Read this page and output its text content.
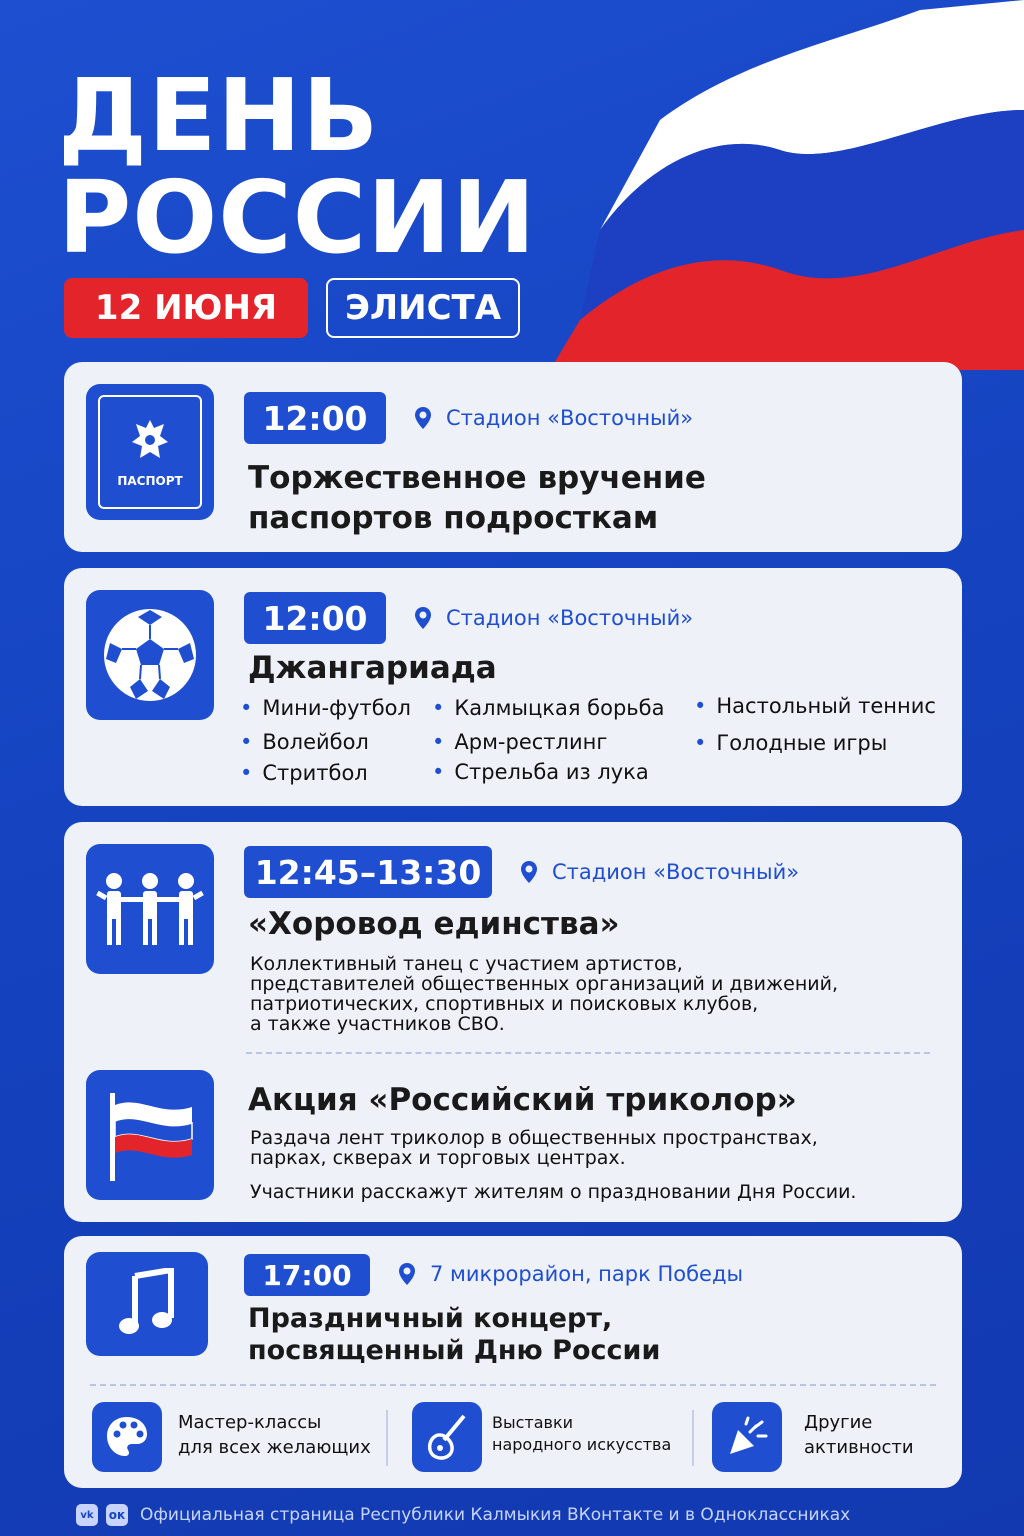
ДЕНЬ
РОССИИ
12 ИЮНЯ	ЭЛИСТА
ПАСПОРТ
12:00	Стадион «Восточный»
Торжественное вручение
паспортов подросткам
12:00	Стадион «Восточный»
Джангариада
• Мини-футбол
• Волейбол
• Стритбол
• Калмыцкая борьба
• Арм-рестлинг
• Стрельба из лука
• Настольный теннис
• Голодные игры
12:45–13:30	Стадион «Восточный»
«Хоровод единства»
Коллективный танец с участием артистов,
представителей общественных организаций и движений,
патриотических, спортивных и поисковых клубов,
а также участников СВО.
Акция «Российский триколор»
Раздача лент триколор в общественных пространствах,
парках, скверах и торговых центрах.
Участники расскажут жителям о праздновании Дня России.
17:00	7 микрорайон, парк Победы
Праздничный концерт,
посвященный Дню России
Мастер-классы
для всех желающих
Выставки
народного искусства
Другие
активности
vk	ок Официальная страница Республики Калмыкия ВКонтакте и в Одноклассниках
